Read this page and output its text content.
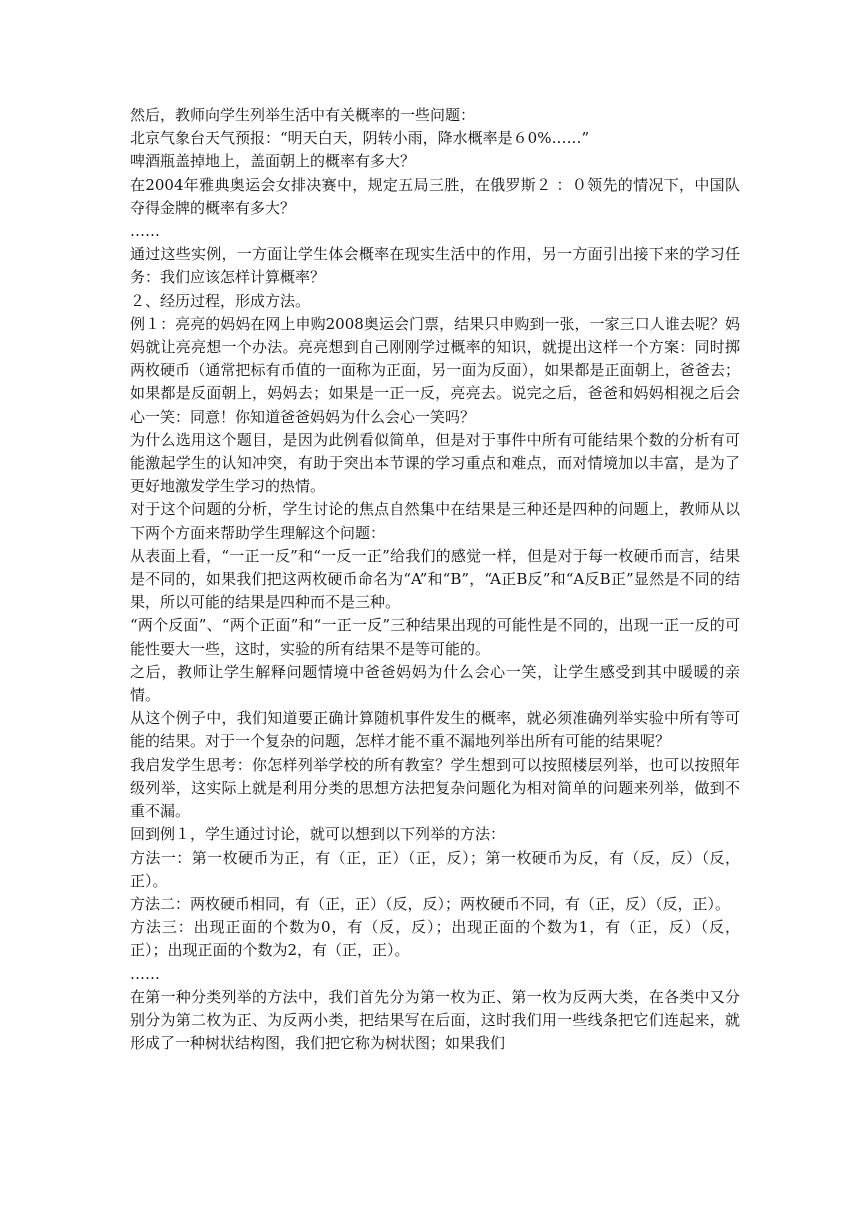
然后，教师向学生列举生活中有关概率的一些问题：

北京气象台天气预报：“明天白天，阴转小雨，降水概率是６0%……”

啤酒瓶盖掉地上，盖面朝上的概率有多大？

在2004年雅典奥运会女排决赛中，规定五局三胜，在俄罗斯２ ：０领先的情况下，中国队夺得金牌的概率有多大？

……

通过这些实例，一方面让学生体会概率在现实生活中的作用，另一方面引出接下来的学习任务：我们应该怎样计算概率？

２、经历过程，形成方法。

例１：亮亮的妈妈在网上申购2008奥运会门票，结果只申购到一张，一家三口人谁去呢？妈妈就让亮亮想一个办法。亮亮想到自己刚刚学过概率的知识，就提出这样一个方案：同时掷两枚硬币（通常把标有币值的一面称为正面，另一面为反面），如果都是正面朝上，爸爸去；如果都是反面朝上，妈妈去；如果是一正一反，亮亮去。说完之后，爸爸和妈妈相视之后会心一笑：同意！你知道爸爸妈妈为什么会心一笑吗？

为什么选用这个题目，是因为此例看似简单，但是对于事件中所有可能结果个数的分析有可能激起学生的认知冲突，有助于突出本节课的学习重点和难点，而对情境加以丰富，是为了更好地激发学生学习的热情。

对于这个问题的分析，学生讨论的焦点自然集中在结果是三种还是四种的问题上，教师从以下两个方面来帮助学生理解这个问题：

从表面上看，“一正一反”和“一反一正”给我们的感觉一样，但是对于每一枚硬币而言，结果是不同的，如果我们把这两枚硬币命名为“A”和“B”，“A正B反”和“A反B正”显然是不同的结果，所以可能的结果是四种而不是三种。

“两个反面”、“两个正面”和“一正一反”三种结果出现的可能性是不同的，出现一正一反的可能性要大一些，这时，实验的所有结果不是等可能的。

之后，教师让学生解释问题情境中爸爸妈妈为什么会心一笑，让学生感受到其中暖暖的亲情。

从这个例子中，我们知道要正确计算随机事件发生的概率，就必须准确列举实验中所有等可能的结果。对于一个复杂的问题，怎样才能不重不漏地列举出所有可能的结果呢？

我启发学生思考：你怎样列举学校的所有教室？学生想到可以按照楼层列举，也可以按照年级列举，这实际上就是利用分类的思想方法把复杂问题化为相对简单的问题来列举，做到不重不漏。

回到例１，学生通过讨论，就可以想到以下列举的方法：

方法一：第一枚硬币为正，有（正，正）（正，反）；第一枚硬币为反，有（反，反）（反，正）。

方法二：两枚硬币相同，有（正，正）（反，反）；两枚硬币不同，有（正，反）（反，正）。

方法三：出现正面的个数为0，有（反，反）；出现正面的个数为1，有（正，反）（反，正）；出现正面的个数为2，有（正，正）。

……

在第一种分类列举的方法中，我们首先分为第一枚为正、第一枚为反两大类，在各类中又分别分为第二枚为正、为反两小类，把结果写在后面，这时我们用一些线条把它们连起来，就形成了一种树状结构图，我们把它称为树状图；如果我们
